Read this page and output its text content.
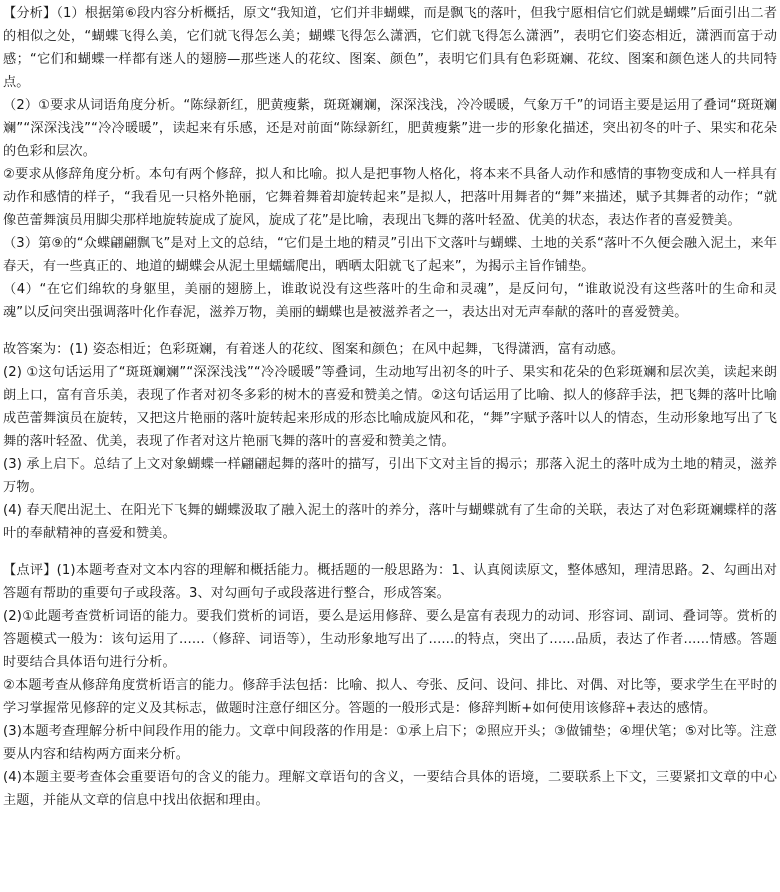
【分析】（1）根据第⑥段内容分析概括，原文“我知道，它们并非蝴蝶，而是飘飞的落叶，但我宁愿相信它们就是蝴蝶”后面引出二者的相似之处，“蝴蝶飞得么美，它们就飞得怎么美；蝴蝶飞得怎么潇洒，它们就飞得怎么潇洒”，表明它们姿态相近，潇洒而富于动感；“它们和蝴蝶一样都有迷人的翅膀—那些迷人的花纹、图案、颜色”，表明它们具有色彩斑斓、花纹、图案和颜色迷人的共同特点。

（2）①要求从词语角度分析。“陈绿新红，肥黄瘦紫，斑斑斓斓，深深浅浅，冷冷暖暖，气象万千”的词语主要是运用了叠词“斑斑斓斓”“深深浅浅”“冷冷暖暖”，读起来有乐感，还是对前面“陈绿新红，肥黄瘦紫”进一步的形象化描述，突出初冬的叶子、果实和花朵的色彩和层次。

②要求从修辞角度分析。本句有两个修辞，拟人和比喻。拟人是把事物人格化，将本来不具备人动作和感情的事物变成和人一样具有动作和感情的样子，“我看见一只格外艳丽，它舞着舞着却旋转起来”是拟人，把落叶用舞者的“舞”来描述，赋予其舞者的动作；“就像芭蕾舞演员用脚尖那样地旋转旋成了旋风，旋成了花”是比喻，表现出飞舞的落叶轻盈、优美的状态，表达作者的喜爱赞美。

（3）第⑨的“众蝶翩翩飘飞”是对上文的总结，“它们是土地的精灵”引出下文落叶与蝴蝶、土地的关系“落叶不久便会融入泥土，来年春天，有一些真正的、地道的蝴蝶会从泥土里蠕蠕爬出，晒晒太阳就飞了起来”，为揭示主旨作铺垫。

（4）“在它们绵软的身躯里，美丽的翅膀上，谁敢说没有这些落叶的生命和灵魂”，是反问句，“谁敢说没有这些落叶的生命和灵魂”以反问突出强调落叶化作春泥，滋养万物，美丽的蝴蝶也是被滋养者之一，表达出对无声奉献的落叶的喜爱赞美。

故答案为：(1) 姿态相近；色彩斑斓，有着迷人的花纹、图案和颜色；在风中起舞，飞得潇洒，富有动感。

(2) ①这句话运用了“斑斑斓斓”“深深浅浅”“冷冷暖暖”等叠词，生动地写出初冬的叶子、果实和花朵的色彩斑斓和层次美，读起来朗朗上口，富有音乐美，表现了作者对初冬多彩的树木的喜爱和赞美之情。②这句话运用了比喻、拟人的修辞手法，把飞舞的落叶比喻成芭蕾舞演员在旋转，又把这片艳丽的落叶旋转起来形成的形态比喻成旋风和花，“舞”字赋予落叶以人的情态，生动形象地写出了飞舞的落叶轻盈、优美，表现了作者对这片艳丽飞舞的落叶的喜爱和赞美之情。

(3) 承上启下。总结了上文对象蝴蝶一样翩翩起舞的落叶的描写，引出下文对主旨的揭示；那落入泥土的落叶成为土地的精灵，滋养万物。

(4) 春天爬出泥土、在阳光下飞舞的蝴蝶汲取了融入泥土的落叶的养分，落叶与蝴蝶就有了生命的关联，表达了对色彩斑斓蝶样的落叶的奉献精神的喜爱和赞美。

【点评】(1)本题考查对文本内容的理解和概括能力。概括题的一般思路为：1、认真阅读原文，整体感知，理清思路。2、勾画出对答题有帮助的重要句子或段落。3、对勾画句子或段落进行整合，形成答案。

(2)①此题考查赏析词语的能力。要我们赏析的词语，要么是运用修辞、要么是富有表现力的动词、形容词、副词、叠词等。赏析的答题模式一般为：该句运用了......（修辞、词语等），生动形象地写出了......的特点，突出了......品质，表达了作者......情感。答题时要结合具体语句进行分析。

②本题考查从修辞角度赏析语言的能力。修辞手法包括：比喻、拟人、夸张、反问、设问、排比、对偶、对比等，要求学生在平时的学习掌握常见修辞的定义及其标志，做题时注意仔细区分。答题的一般形式是：修辞判断+如何使用该修辞+表达的感情。

(3)本题考查理解分析中间段作用的能力。文章中间段落的作用是：①承上启下；②照应开头；③做铺垫；④埋伏笔；⑤对比等。注意要从内容和结构两方面来分析。

(4)本题主要考查体会重要语句的含义的能力。理解文章语句的含义，一要结合具体的语境，二要联系上下文，三要紧扣文章的中心主题，并能从文章的信息中找出依据和理由。
